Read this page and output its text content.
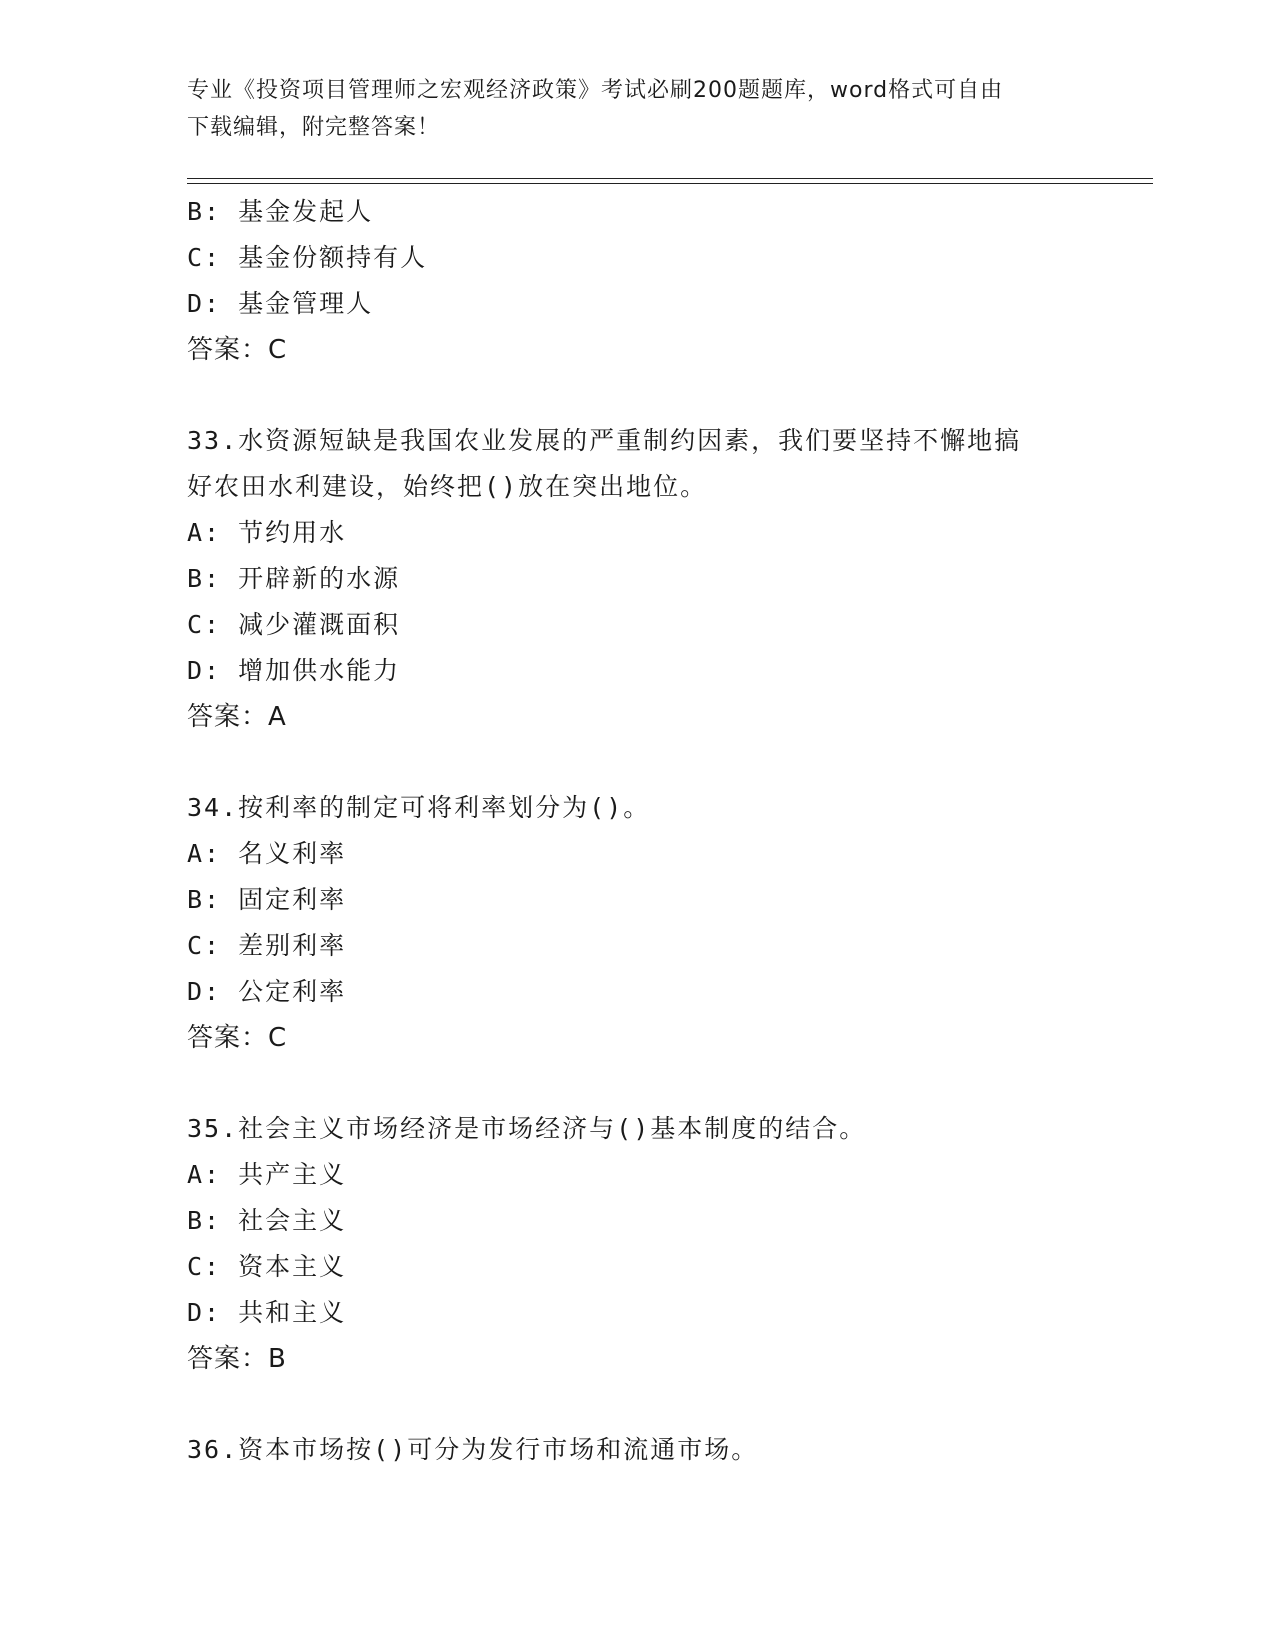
专业《投资项目管理师之宏观经济政策》考试必刷200题题库，word格式可自由
下载编辑，附完整答案！
B: 基金发起人
C: 基金份额持有人
D: 基金管理人
答案：C
33.水资源短缺是我国农业发展的严重制约因素，我们要坚持不懈地搞
好农田水利建设，始终把()放在突出地位。
A: 节约用水
B: 开辟新的水源
C: 减少灌溉面积
D: 增加供水能力
答案：A
34.按利率的制定可将利率划分为()。
A: 名义利率
B: 固定利率
C: 差别利率
D: 公定利率
答案：C
35.社会主义市场经济是市场经济与()基本制度的结合。
A: 共产主义
B: 社会主义
C: 资本主义
D: 共和主义
答案：B
36.资本市场按()可分为发行市场和流通市场。
